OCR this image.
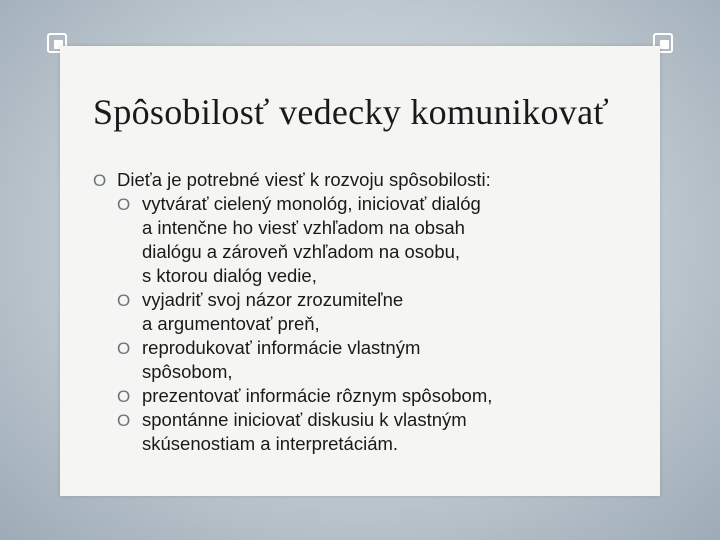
Spôsobilosť vedecky komunikovať
O Dieťa je potrebné viesť k rozvoju spôsobilosti:
O vytvárať cielený monológ, iniciovať dialóg
a intenčne ho viesť vzhľadom na obsah
dialógu a zároveň vzhľadom na osobu,
s ktorou dialóg vedie,
O vyjadriť svoj názor zrozumiteľne
a argumentovať preň,
O reprodukovať informácie vlastným
spôsobom,
O prezentovať informácie rôznym spôsobom,
O spontánne iniciovať diskusiu k vlastným
skúsenostiam a interpretáciám.
